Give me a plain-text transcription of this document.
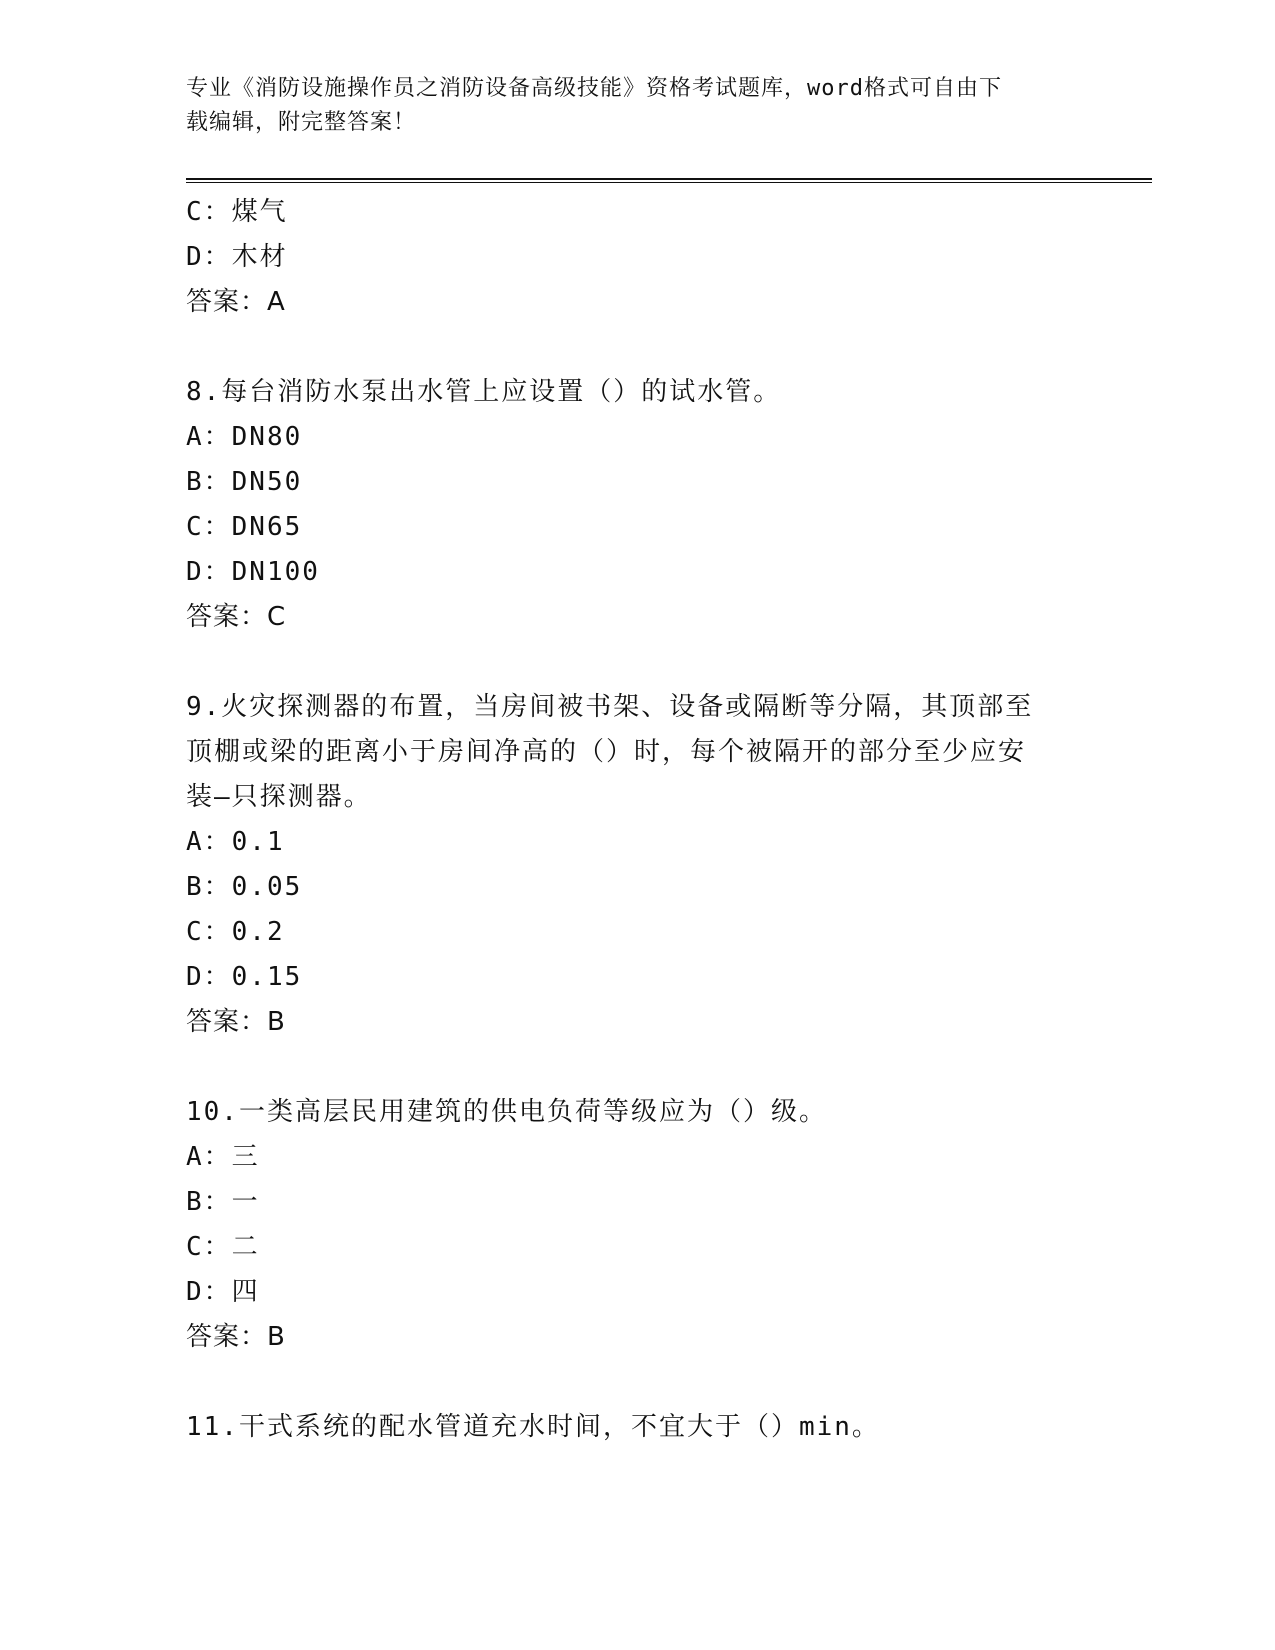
专业《消防设施操作员之消防设备高级技能》资格考试题库，word格式可自由下
载编辑，附完整答案！

C：煤气

D：木材

答案：A

8.每台消防水泵出水管上应设置（）的试水管。

A：DN80

B：DN50

C：DN65

D：DN100

答案：C

9.火灾探测器的布置，当房间被书架、设备或隔断等分隔，其顶部至

顶棚或梁的距离小于房间净高的（）时，每个被隔开的部分至少应安

装—只探测器。

A：0.1

B：0.05

C：0.2

D：0.15

答案：B

10.一类高层民用建筑的供电负荷等级应为（）级。

A：三

B：一

C：二

D：四

答案：B

11.干式系统的配水管道充水时间，不宜大于（）min。
